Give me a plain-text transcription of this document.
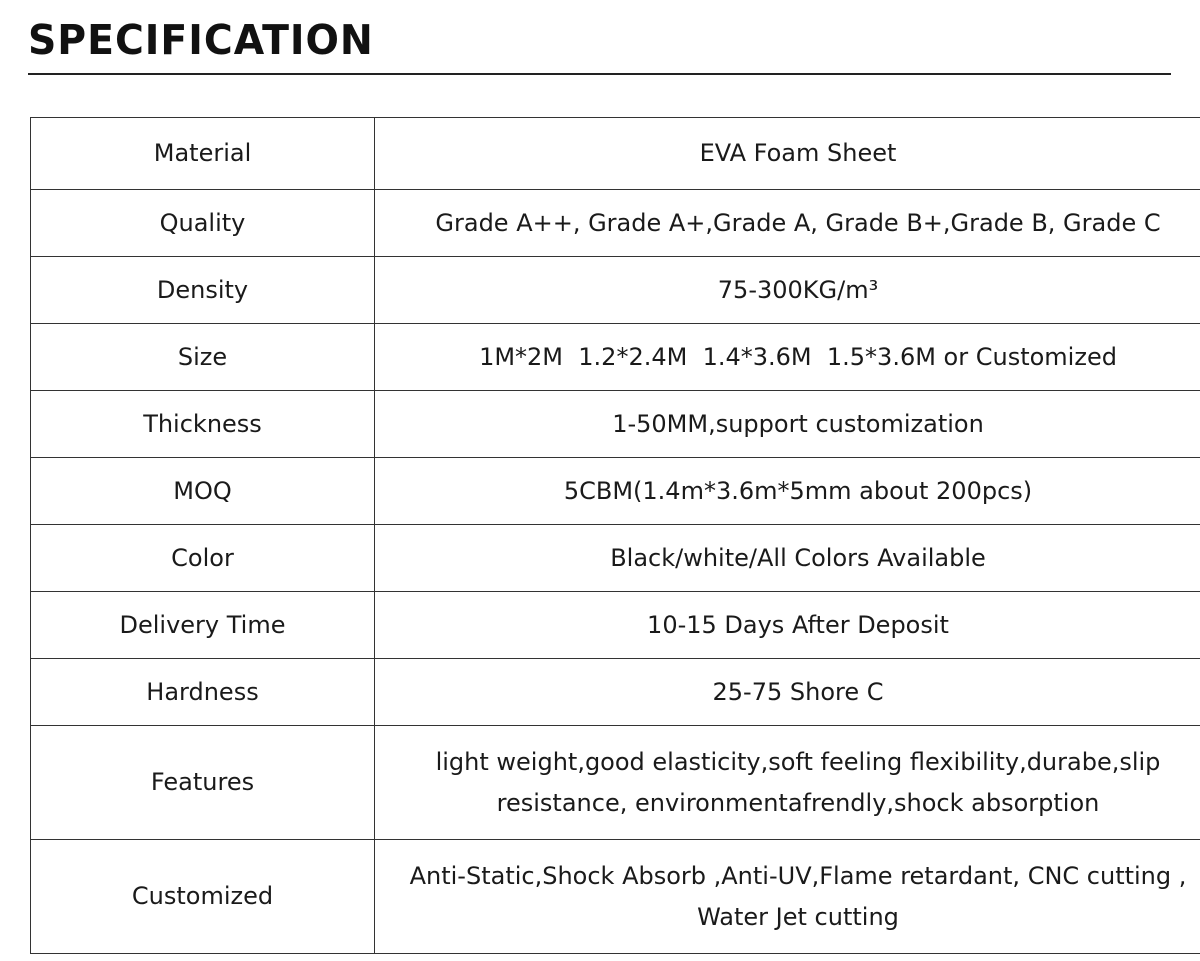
SPECIFICATION
Material	EVA Foam Sheet
Quality	Grade A++, Grade A+,Grade A, Grade B+,Grade B, Grade C
Density	75-300KG/m³
Size	1M*2M  1.2*2.4M  1.4*3.6M  1.5*3.6M or Customized
Thickness	1-50MM,support customization
MOQ	5CBM(1.4m*3.6m*5mm about 200pcs)
Color	Black/white/All Colors Available
Delivery Time	10-15 Days After Deposit
Hardness	25-75 Shore C
Features	light weight,good elasticity,soft feeling flexibility,durabe,slip resistance, environmentafrendly,shock absorption
Customized	Anti-Static,Shock Absorb ,Anti-UV,Flame retardant, CNC cutting , Water Jet cutting
